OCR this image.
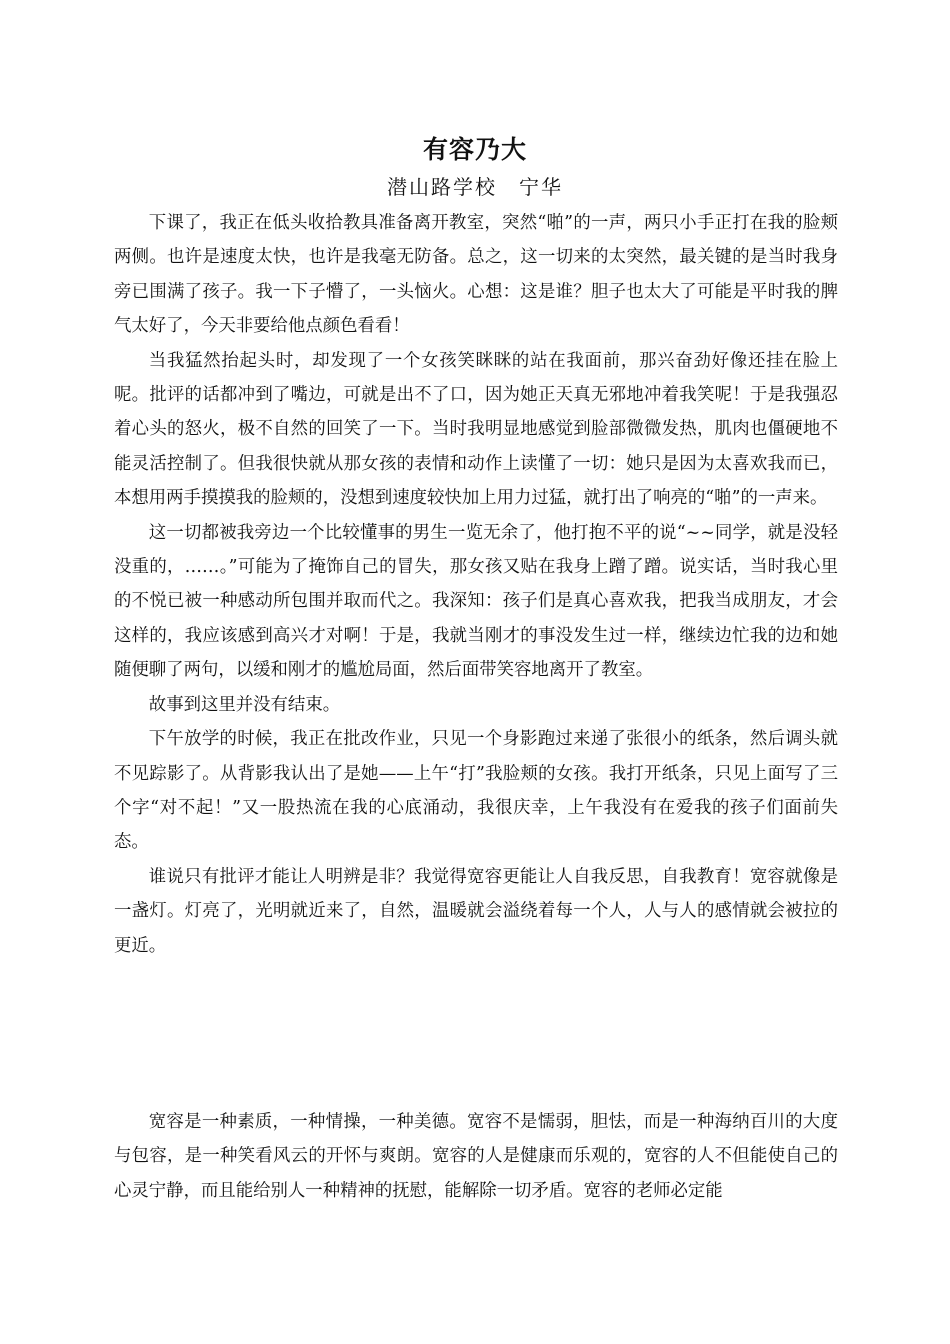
有容乃大
潜山路学校　宁华

下课了，我正在低头收拾教具准备离开教室，突然“啪”的一声，两只小手正打在我的脸颊两侧。也许是速度太快，也许是我毫无防备。总之，这一切来的太突然，最关键的是当时我身旁已围满了孩子。我一下子懵了，一头恼火。心想：这是谁？胆子也太大了可能是平时我的脾气太好了，今天非要给他点颜色看看！

当我猛然抬起头时，却发现了一个女孩笑眯眯的站在我面前，那兴奋劲好像还挂在脸上呢。批评的话都冲到了嘴边，可就是出不了口，因为她正天真无邪地冲着我笑呢！于是我强忍着心头的怒火，极不自然的回笑了一下。当时我明显地感觉到脸部微微发热，肌肉也僵硬地不能灵活控制了。但我很快就从那女孩的表情和动作上读懂了一切：她只是因为太喜欢我而已，本想用两手摸摸我的脸颊的，没想到速度较快加上用力过猛，就打出了响亮的“啪”的一声来。

这一切都被我旁边一个比较懂事的男生一览无余了，他打抱不平的说“~~同学，就是没轻没重的，……。”可能为了掩饰自己的冒失，那女孩又贴在我身上蹭了蹭。说实话，当时我心里的不悦已被一种感动所包围并取而代之。我深知：孩子们是真心喜欢我，把我当成朋友，才会这样的，我应该感到高兴才对啊！于是，我就当刚才的事没发生过一样，继续边忙我的边和她随便聊了两句，以缓和刚才的尴尬局面，然后面带笑容地离开了教室。

故事到这里并没有结束。

下午放学的时候，我正在批改作业，只见一个身影跑过来递了张很小的纸条，然后调头就不见踪影了。从背影我认出了是她——上午“打”我脸颊的女孩。我打开纸条，只见上面写了三个字“对不起！”又一股热流在我的心底涌动，我很庆幸，上午我没有在爱我的孩子们面前失态。

谁说只有批评才能让人明辨是非？我觉得宽容更能让人自我反思，自我教育！宽容就像是一盏灯。灯亮了，光明就近来了，自然，温暖就会溢绕着每一个人，人与人的感情就会被拉的更近。

宽容是一种素质，一种情操，一种美德。宽容不是懦弱，胆怯，而是一种海纳百川的大度与包容，是一种笑看风云的开怀与爽朗。宽容的人是健康而乐观的，宽容的人不但能使自己的心灵宁静，而且能给别人一种精神的抚慰，能解除一切矛盾。宽容的老师必定能
